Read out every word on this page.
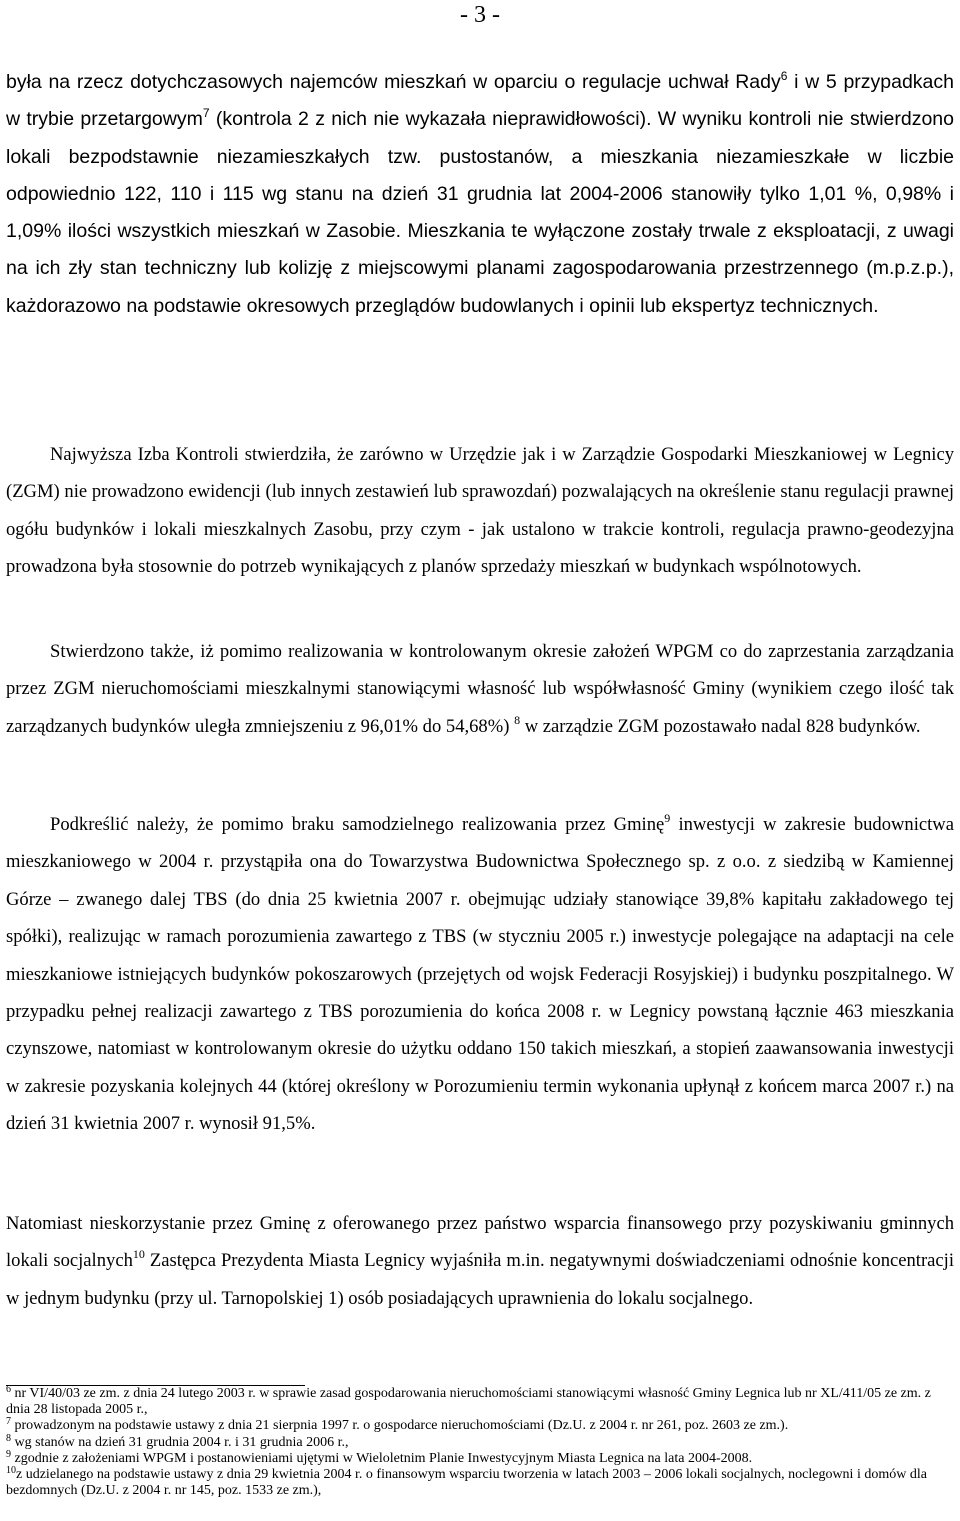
- 3 -

była na rzecz dotychczasowych najemców mieszkań w oparciu o regulacje uchwał Rady$^6$ i w 5 przypadkach w trybie przetargowym$^7$ (kontrola 2 z nich nie wykazała nieprawidłowości). W wyniku kontroli nie stwierdzono lokali bezpodstawnie niezamieszkałych tzw. pustostanów, a mieszkania niezamieszkałe w liczbie odpowiednio 122, 110 i 115 wg stanu na dzień 31 grudnia lat 2004-2006 stanowiły tylko 1,01 %, 0,98% i 1,09% ilości wszystkich mieszkań w Zasobie. Mieszkania te wyłączone zostały trwale z eksploatacji, z uwagi na ich zły stan techniczny lub kolizję z miejscowymi planami zagospodarowania przestrzennego (m.p.z.p.), każdorazowo na podstawie okresowych przeglądów budowlanych i opinii lub ekspertyz technicznych.

Najwyższa Izba Kontroli stwierdziła, że zarówno w Urzędzie jak i w Zarządzie Gospodarki Mieszkaniowej w Legnicy (ZGM) nie prowadzono ewidencji (lub innych zestawień lub sprawozdań) pozwalających na określenie stanu regulacji prawnej ogółu budynków i lokali mieszkalnych Zasobu, przy czym - jak ustalono w trakcie kontroli, regulacja prawno-geodezyjna prowadzona była stosownie do potrzeb wynikających z planów sprzedaży mieszkań w budynkach wspólnotowych.

Stwierdzono także, iż pomimo realizowania w kontrolowanym okresie założeń WPGM co do zaprzestania zarządzania przez ZGM nieruchomościami mieszkalnymi stanowiącymi własność lub współwłasność Gminy (wynikiem czego ilość tak zarządzanych budynków uległa zmniejszeniu z 96,01% do 54,68%) $^8$ w zarządzie ZGM pozostawało nadal 828 budynków.

Podkreślić należy, że pomimo braku samodzielnego realizowania przez Gminę$^9$ inwestycji w zakresie budownictwa mieszkaniowego w 2004 r. przystąpiła ona do Towarzystwa Budownictwa Społecznego sp. z o.o. z siedzibą w Kamiennej Górze – zwanego dalej TBS (do dnia 25 kwietnia 2007 r. obejmując udziały stanowiące 39,8% kapitału zakładowego tej spółki), realizując w ramach porozumienia zawartego z TBS (w styczniu 2005 r.) inwestycje polegające na adaptacji na cele mieszkaniowe istniejących budynków pokoszarowych (przejętych od wojsk Federacji Rosyjskiej) i budynku poszpitalnego. W przypadku pełnej realizacji zawartego z TBS porozumienia do końca 2008 r. w Legnicy powstaną łącznie 463 mieszkania czynszowe, natomiast w kontrolowanym okresie do użytku oddano 150 takich mieszkań, a stopień zaawansowania inwestycji w zakresie pozyskania kolejnych 44 (której określony w Porozumieniu termin wykonania upłynął z końcem marca 2007 r.) na dzień 31 kwietnia 2007 r. wynosił 91,5%.

Natomiast nieskorzystanie przez Gminę z oferowanego przez państwo wsparcia finansowego przy pozyskiwaniu gminnych lokali socjalnych$^{10}$ Zastępca Prezydenta Miasta Legnicy wyjaśniła m.in. negatywnymi doświadczeniami odnośnie koncentracji w jednym budynku (przy ul. Tarnopolskiej 1) osób posiadających uprawnienia do lokalu socjalnego.

$^6$ nr VI/40/03 ze zm. z dnia 24 lutego 2003 r. w sprawie zasad gospodarowania nieruchomościami stanowiącymi własność Gminy Legnica lub nr XL/411/05 ze zm. z dnia 28 listopada 2005 r.,

$^7$ prowadzonym na podstawie ustawy z dnia 21 sierpnia 1997 r. o gospodarce nieruchomościami (Dz.U. z 2004 r. nr 261, poz. 2603 ze zm.).

$^8$ wg stanów na dzień 31 grudnia 2004 r. i 31 grudnia 2006 r.,

$^9$ zgodnie z założeniami WPGM i postanowieniami ujętymi w Wieloletnim Planie Inwestycyjnym Miasta Legnica na lata 2004-2008.

$^{10}$z udzielanego na podstawie ustawy z dnia 29 kwietnia 2004 r. o finansowym wsparciu tworzenia w latach 2003 – 2006 lokali socjalnych, noclegowni i domów dla bezdomnych (Dz.U. z 2004 r. nr 145, poz. 1533 ze zm.),
